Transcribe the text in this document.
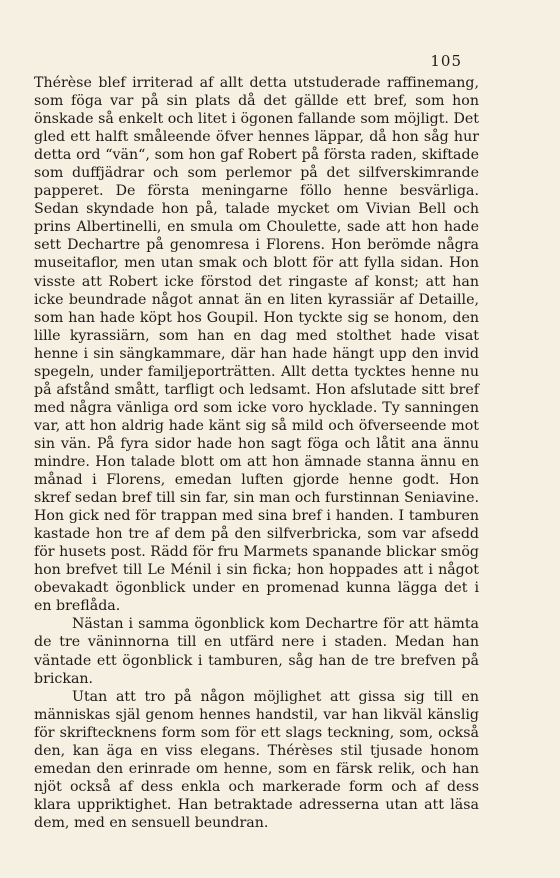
105

Thérèse blef irriterad af allt detta utstuderade raffinemang, som föga var på sin plats då det gällde ett bref, som hon önskade så enkelt och litet i ögonen fallande som möjligt. Det gled ett halft småleende öfver hennes läppar, då hon såg hur detta ord “vän“, som hon gaf Robert på första raden, skiftade som duffjädrar och som perlemor på det silfverskimrande papperet. De första meningarne föllo henne besvärliga. Sedan skyndade hon på, talade mycket om Vivian Bell och prins Albertinelli, en smula om Choulette, sade att hon hade sett Dechartre på genomresa i Florens. Hon berömde några museitaflor, men utan smak och blott för att fylla sidan. Hon visste att Robert icke förstod det ringaste af konst; att han icke beundrade något annat än en liten kyrassiär af Detaille, som han hade köpt hos Goupil. Hon tyckte sig se honom, den lille kyrassiärn, som han en dag med stolthet hade visat henne i sin sängkammare, där han hade hängt upp den invid spegeln, under familjeporträtten. Allt detta tycktes henne nu på afstånd smått, tarfligt och ledsamt. Hon afslutade sitt bref med några vänliga ord som icke voro hycklade. Ty sanningen var, att hon aldrig hade känt sig så mild och öfverseende mot sin vän. På fyra sidor hade hon sagt föga och låtit ana ännu mindre. Hon talade blott om att hon ämnade stanna ännu en månad i Florens, emedan luften gjorde henne godt. Hon skref sedan bref till sin far, sin man och furstinnan Seniavine. Hon gick ned för trappan med sina bref i handen. I tamburen kastade hon tre af dem på den silfverbricka, som var afsedd för husets post. Rädd för fru Marmets spanande blickar smög hon brefvet till Le Ménil i sin ficka; hon hoppades att i något obevakadt ögonblick under en promenad kunna lägga det i en breflåda.

Nästan i samma ögonblick kom Dechartre för att hämta de tre väninnorna till en utfärd nere i staden. Medan han väntade ett ögonblick i tamburen, såg han de tre brefven på brickan.

Utan att tro på någon möjlighet att gissa sig till en människas själ genom hennes handstil, var han likväl känslig för skriftecknens form som för ett slags teckning, som, också den, kan äga en viss elegans. Thérèses stil tjusade honom emedan den erinrade om henne, som en färsk relik, och han njöt också af dess enkla och markerade form och af dess klara uppriktighet. Han betraktade adresserna utan att läsa dem, med en sensuell beundran.
